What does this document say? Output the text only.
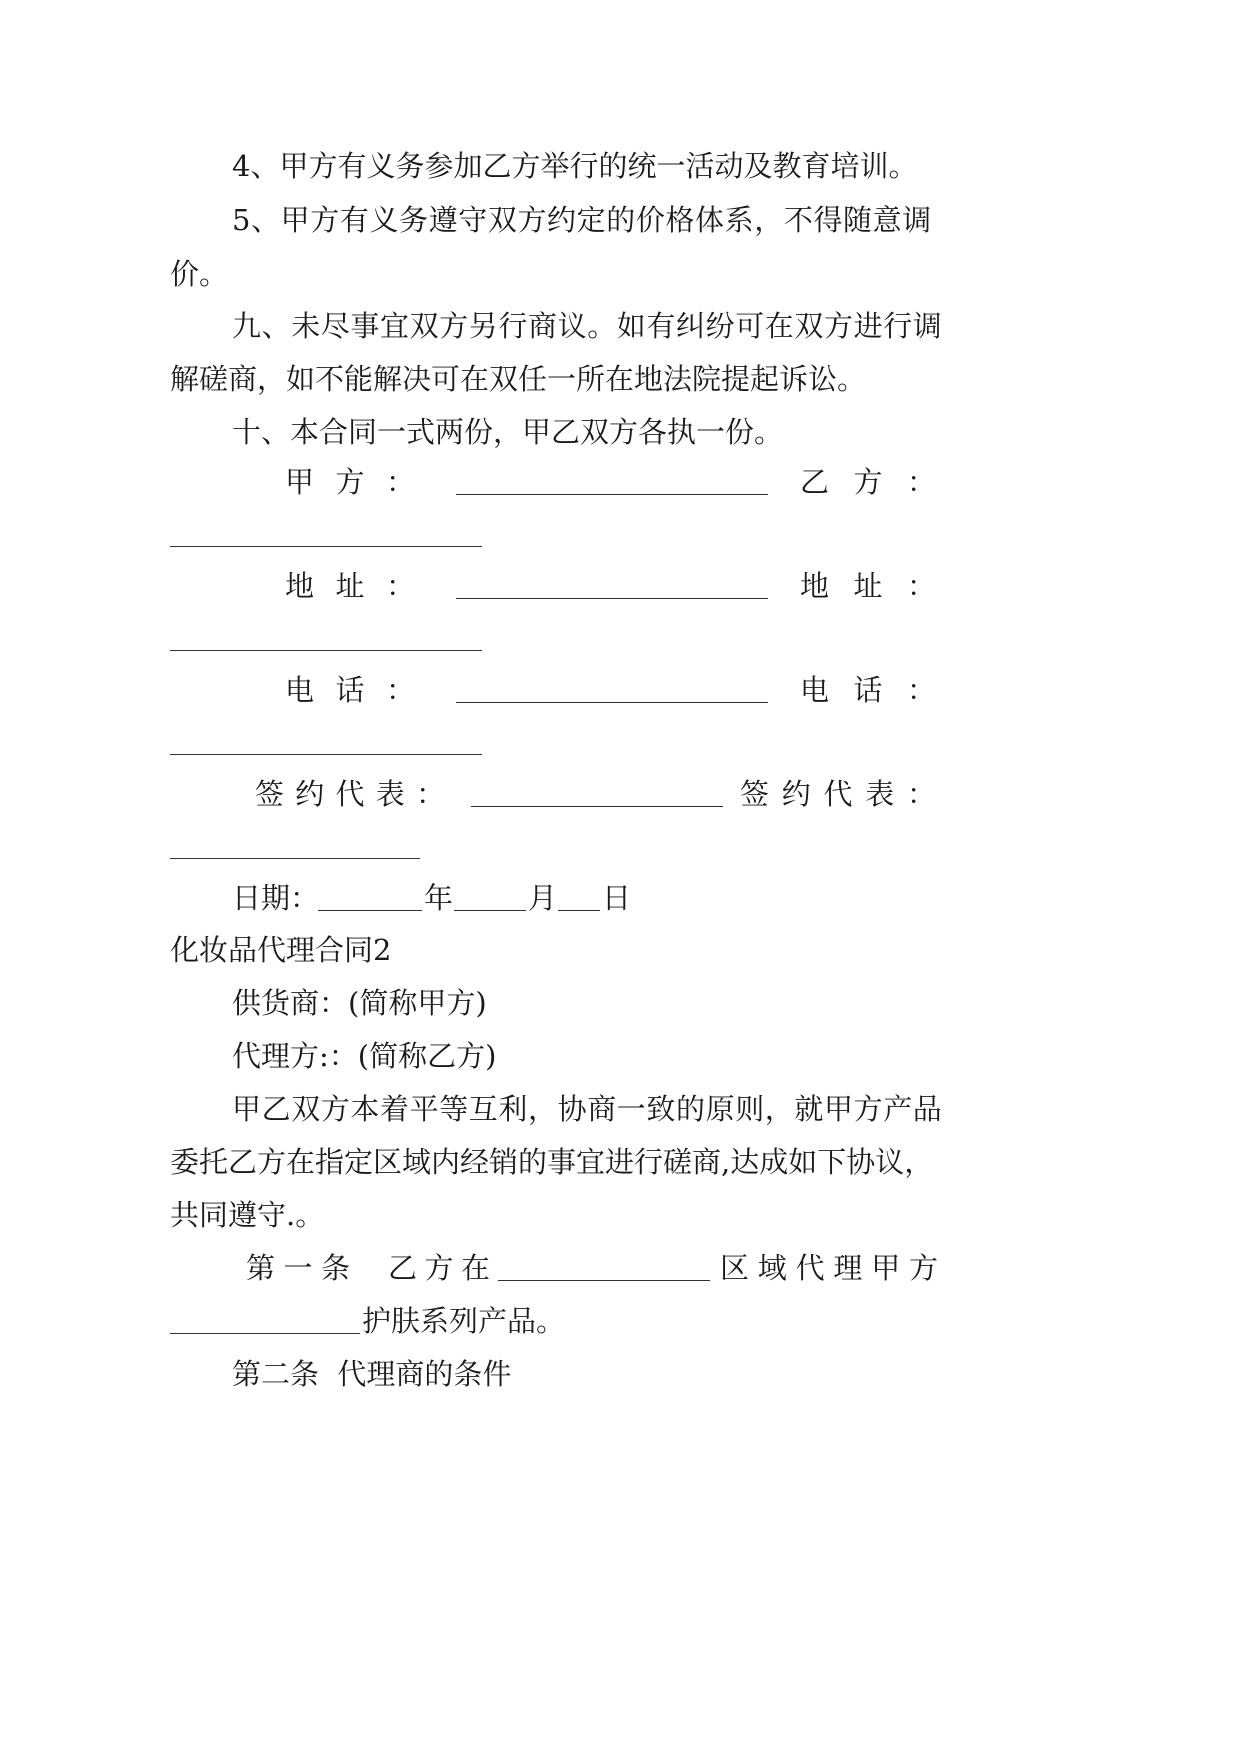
4、甲方有义务参加乙方举行的统一活动及教育培训。
5、甲方有义务遵守双方约定的价格体系，不得随意调
价。
九、未尽事宜双方另行商议。如有纠纷可在双方进行调
解磋商，如不能解决可在双任一所在地法院提起诉讼。
十、本合同一式两份，甲乙双方各执一份。
甲 方 ：	乙 方 ：
地 址 ：	地 址 ：
电 话 ：	电 话 ：
签 约 代 表 ：	签 约 代 表 ：
日期：	年	月 日
化妆品代理合同2
供货商：(简称甲方)
代理方:：(简称乙方)
甲乙双方本着平等互利，协商一致的原则，就甲方产品
委托乙方在指定区域内经销的事宜进行磋商,达成如下协议，
共同遵守.。
第 一 条 乙 方 在	区 域 代 理 甲 方
护肤系列产品。
第二条  代理商的条件
